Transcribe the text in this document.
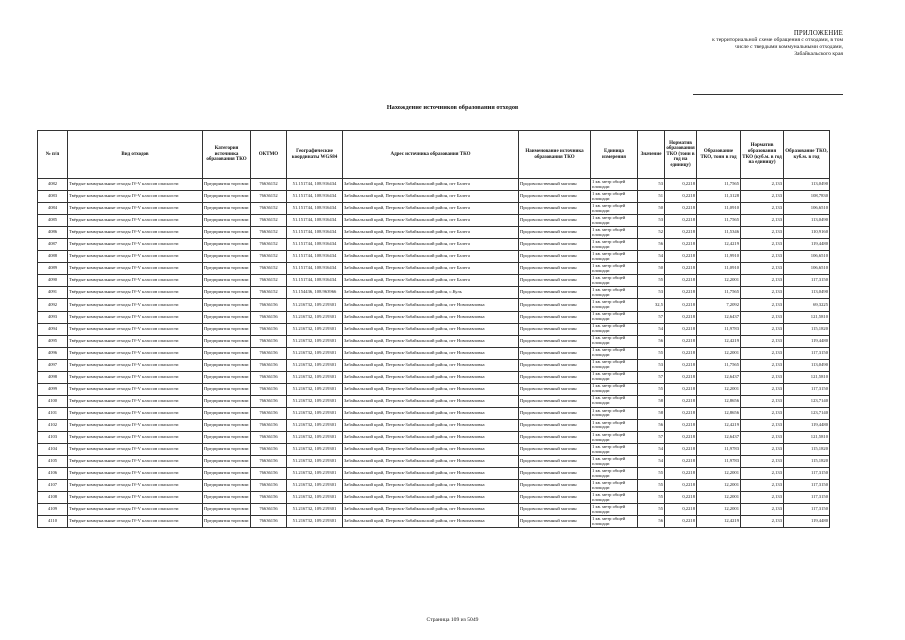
ПРИЛОЖЕНИЕ
к территориальной схеме обращения с отходами, в том
числе с твердыми коммунальными отходами,
Забайкальского края
Нахождение источников образования отходов
№ п/п	Вид отходов	Категория источника образования ТКО	ОКТМО	Географические координаты WGS84	Адрес источника образования ТКО	Наименование источника образования ТКО	Единица измерения	Значение	Норматив образования ТКО (тонн в год на единицу)	Образование ТКО, тонн в год	Норматив образования ТКО (куб.м. в год на единицу)	Образование ТКО, куб.м. в год
4082	Твёрдые коммунальные отходы IV-V классов опасности	Предприятия торговли	76636152	51.151744, 108.916434	Забайкальский край, Петровск-Забайкальский район, пгт Балега	Продовольственный магазин	1 кв. метр общей площади	53	0,2218	11,7565	2,133	113,0490
4083	Твёрдые коммунальные отходы IV-V классов опасности	Предприятия торговли	76636152	51.151744, 108.916434	Забайкальский край, Петровск-Забайкальский район, пгт Балега	Продовольственный магазин	1 кв. метр общей площади	51	0,2218	11,3128	2,133	108,7830
4084	Твёрдые коммунальные отходы IV-V классов опасности	Предприятия торговли	76636152	51.151744, 108.916434	Забайкальский край, Петровск-Забайкальский район, пгт Балега	Продовольственный магазин	1 кв. метр общей площади	50	0,2218	11,0910	2,133	106,6510
4085	Твёрдые коммунальные отходы IV-V классов опасности	Предприятия торговли	76636152	51.151744, 108.916434	Забайкальский край, Петровск-Забайкальский район, пгт Балега	Продовольственный магазин	1 кв. метр общей площади	53	0,2218	11,7565	2,133	113,0490
4086	Твёрдые коммунальные отходы IV-V классов опасности	Предприятия торговли	76636152	51.151744, 108.916434	Забайкальский край, Петровск-Забайкальский район, пгт Балега	Продовольственный магазин	1 кв. метр общей площади	52	0,2218	11,5346	2,133	110,9160
4087	Твёрдые коммунальные отходы IV-V классов опасности	Предприятия торговли	76636152	51.151744, 108.916434	Забайкальский край, Петровск-Забайкальский район, пгт Балега	Продовольственный магазин	1 кв. метр общей площади	56	0,2218	12,4219	2,133	119,4480
4088	Твёрдые коммунальные отходы IV-V классов опасности	Предприятия торговли	76636152	51.151744, 108.916434	Забайкальский край, Петровск-Забайкальский район, пгт Балега	Продовольственный магазин	1 кв. метр общей площади	54	0,2218	11,9910	2,133	106,6510
4089	Твёрдые коммунальные отходы IV-V классов опасности	Предприятия торговли	76636152	51.151744, 108.916434	Забайкальский край, Петровск-Забайкальский район, пгт Балега	Продовольственный магазин	1 кв. метр общей площади	50	0,2218	11,0910	2,133	106,6510
4090	Твёрдые коммунальные отходы IV-V классов опасности	Предприятия торговли	76636152	51.151744, 108.916434	Забайкальский край, Петровск-Забайкальский район, пгт Балега	Продовольственный магазин	1 кв. метр общей площади	55	0,2218	12,2001	2,133	117,3150
4091	Твёрдые коммунальные отходы IV-V классов опасности	Предприятия торговли	76636152	51.154436, 108.963966	Забайкальский край, Петровск-Забайкальский район, с.Куль	Продовольственный магазин	1 кв. метр общей площади	53	0,2218	11,7565	2,133	113,0490
4092	Твёрдые коммунальные отходы IV-V классов опасности	Предприятия торговли	76636156	51.216732, 109.219301	Забайкальский край, Петровск-Забайкальский район, пгт Новопавловка	Продовольственный магазин	1 кв. метр общей площади	32,5	0,2218	7,2092	2,133	69,3225
4093	Твёрдые коммунальные отходы IV-V классов опасности	Предприятия торговли	76636156	51.216732, 109.219301	Забайкальский край, Петровск-Забайкальский район, пгт Новопавловка	Продовольственный магазин	1 кв. метр общей площади	57	0,2218	12,6437	2,133	121,5810
4094	Твёрдые коммунальные отходы IV-V классов опасности	Предприятия торговли	76636156	51.216732, 109.219301	Забайкальский край, Петровск-Забайкальский район, пгт Новопавловка	Продовольственный магазин	1 кв. метр общей площади	54	0,2218	11,9783	2,133	115,1820
4095	Твёрдые коммунальные отходы IV-V классов опасности	Предприятия торговли	76636156	51.216732, 109.219301	Забайкальский край, Петровск-Забайкальский район, пгт Новопавловка	Продовольственный магазин	1 кв. метр общей площади	56	0,2218	12,4219	2,133	119,4480
4096	Твёрдые коммунальные отходы IV-V классов опасности	Предприятия торговли	76636156	51.216732, 109.219301	Забайкальский край, Петровск-Забайкальский район, пгт Новопавловка	Продовольственный магазин	1 кв. метр общей площади	55	0,2218	12,2001	2,133	117,3150
4097	Твёрдые коммунальные отходы IV-V классов опасности	Предприятия торговли	76636156	51.216732, 109.219301	Забайкальский край, Петровск-Забайкальский район, пгт Новопавловка	Продовольственный магазин	1 кв. метр общей площади	53	0,2218	11,7565	2,133	113,0490
4098	Твёрдые коммунальные отходы IV-V классов опасности	Предприятия торговли	76636156	51.216732, 109.219301	Забайкальский край, Петровск-Забайкальский район, пгт Новопавловка	Продовольственный магазин	1 кв. метр общей площади	57	0,2218	12,6437	2,133	121,5810
4099	Твёрдые коммунальные отходы IV-V классов опасности	Предприятия торговли	76636156	51.216732, 109.219301	Забайкальский край, Петровск-Забайкальский район, пгт Новопавловка	Продовольственный магазин	1 кв. метр общей площади	55	0,2218	12,2001	2,133	117,3150
4100	Твёрдые коммунальные отходы IV-V классов опасности	Предприятия торговли	76636156	51.216732, 109.219301	Забайкальский край, Петровск-Забайкальский район, пгт Новопавловка	Продовольственный магазин	1 кв. метр общей площади	58	0,2218	12,8656	2,133	123,7140
4101	Твёрдые коммунальные отходы IV-V классов опасности	Предприятия торговли	76636156	51.216732, 109.219301	Забайкальский край, Петровск-Забайкальский район, пгт Новопавловка	Продовольственный магазин	1 кв. метр общей площади	58	0,2218	12,8656	2,133	123,7140
4102	Твёрдые коммунальные отходы IV-V классов опасности	Предприятия торговли	76636156	51.216732, 109.219301	Забайкальский край, Петровск-Забайкальский район, пгт Новопавловка	Продовольственный магазин	1 кв. метр общей площади	56	0,2218	12,4219	2,133	119,4480
4103	Твёрдые коммунальные отходы IV-V классов опасности	Предприятия торговли	76636156	51.216732, 109.219301	Забайкальский край, Петровск-Забайкальский район, пгт Новопавловка	Продовольственный магазин	1 кв. метр общей площади	57	0,2218	12,6437	2,133	121,5810
4104	Твёрдые коммунальные отходы IV-V классов опасности	Предприятия торговли	76636156	51.216732, 109.219301	Забайкальский край, Петровск-Забайкальский район, пгт Новопавловка	Продовольственный магазин	1 кв. метр общей площади	54	0,2218	11,9783	2,133	115,1820
4105	Твёрдые коммунальные отходы IV-V классов опасности	Предприятия торговли	76636156	51.216732, 109.219301	Забайкальский край, Петровск-Забайкальский район, пгт Новопавловка	Продовольственный магазин	1 кв. метр общей площади	54	0,2218	11,9783	2,133	115,1820
4106	Твёрдые коммунальные отходы IV-V классов опасности	Предприятия торговли	76636156	51.216732, 109.219301	Забайкальский край, Петровск-Забайкальский район, пгт Новопавловка	Продовольственный магазин	1 кв. метр общей площади	55	0,2218	12,2001	2,133	117,3150
4107	Твёрдые коммунальные отходы IV-V классов опасности	Предприятия торговли	76636156	51.216732, 109.219301	Забайкальский край, Петровск-Забайкальский район, пгт Новопавловка	Продовольственный магазин	1 кв. метр общей площади	55	0,2218	12,2001	2,133	117,3150
4108	Твёрдые коммунальные отходы IV-V классов опасности	Предприятия торговли	76636156	51.216732, 109.219301	Забайкальский край, Петровск-Забайкальский район, пгт Новопавловка	Продовольственный магазин	1 кв. метр общей площади	55	0,2218	12,2001	2,133	117,3150
4109	Твёрдые коммунальные отходы IV-V классов опасности	Предприятия торговли	76636156	51.216732, 109.219301	Забайкальский край, Петровск-Забайкальский район, пгт Новопавловка	Продовольственный магазин	1 кв. метр общей площади	55	0,2218	12,2001	2,133	117,3150
4110	Твёрдые коммунальные отходы IV-V классов опасности	Предприятия торговли	76636156	51.216732, 109.219301	Забайкальский край, Петровск-Забайкальский район, пгт Новопавловка	Продовольственный магазин	1 кв. метр общей площади	56	0,2218	12,4219	2,133	119,4480
Страница 109 из 5049
